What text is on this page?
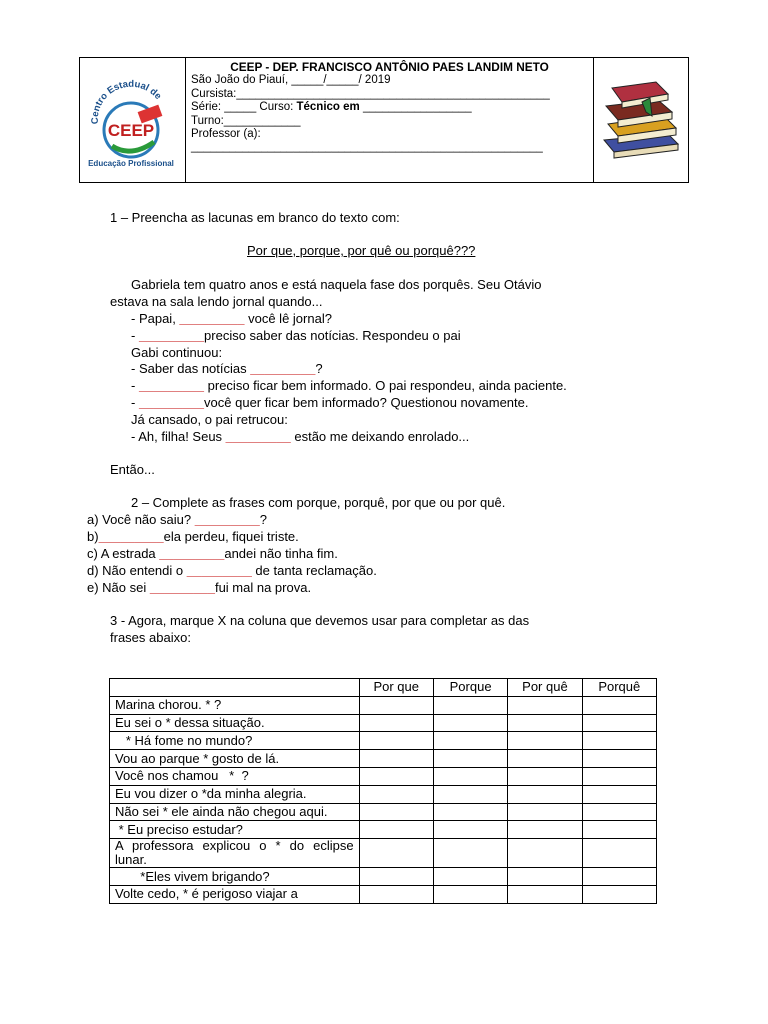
Centro Estadual de
CEEP
Educação Profissional
CEEP - DEP. FRANCISCO ANTÔNIO PAES LANDIM NETO
São João do Piauí, _____/_____/ 2019
Cursista:_________________________________________________
Série: _____ Curso: Técnico em _________________
Turno:____________
Professor (a):
_______________________________________________________
1 – Preencha as lacunas em branco do texto com:
Por que, porque, por quê ou porquê???
Gabriela tem quatro anos e está naquela fase dos porquês. Seu Otávio
estava na sala lendo jornal quando...
- Papai, _________ você lê jornal?
- _________preciso saber das notícias. Respondeu o pai
Gabi continuou:
- Saber das notícias _________?
- _________ preciso ficar bem informado. O pai respondeu, ainda paciente.
- _________você quer ficar bem informado? Questionou novamente.
Já cansado, o pai retrucou:
- Ah, filha! Seus _________ estão me deixando enrolado...
Então...
2 – Complete as frases com porque, porquê, por que ou por quê.
a) Você não saiu? _________?
b)_________ela perdeu, fiquei triste.
c) A estrada _________andei não tinha fim.
d) Não entendi o _________ de tanta reclamação.
e) Não sei _________fui mal na prova.
3 - Agora, marque X na coluna que devemos usar para completar as das
frases abaixo:
	Por que	Porque	Por quê	Porquê
Marina chorou. * ?				
Eu sei o * dessa situação.				
* Há fome no mundo?				
Vou ao parque * gosto de lá.				
Você nos chamou   *  ?				
Eu vou dizer o *da minha alegria.				
Não sei * ele ainda não chegou aqui.				
* Eu preciso estudar?				
A professora explicou o * do eclipse lunar.				
*Eles vivem brigando?				
Volte cedo, * é perigoso viajar a				
